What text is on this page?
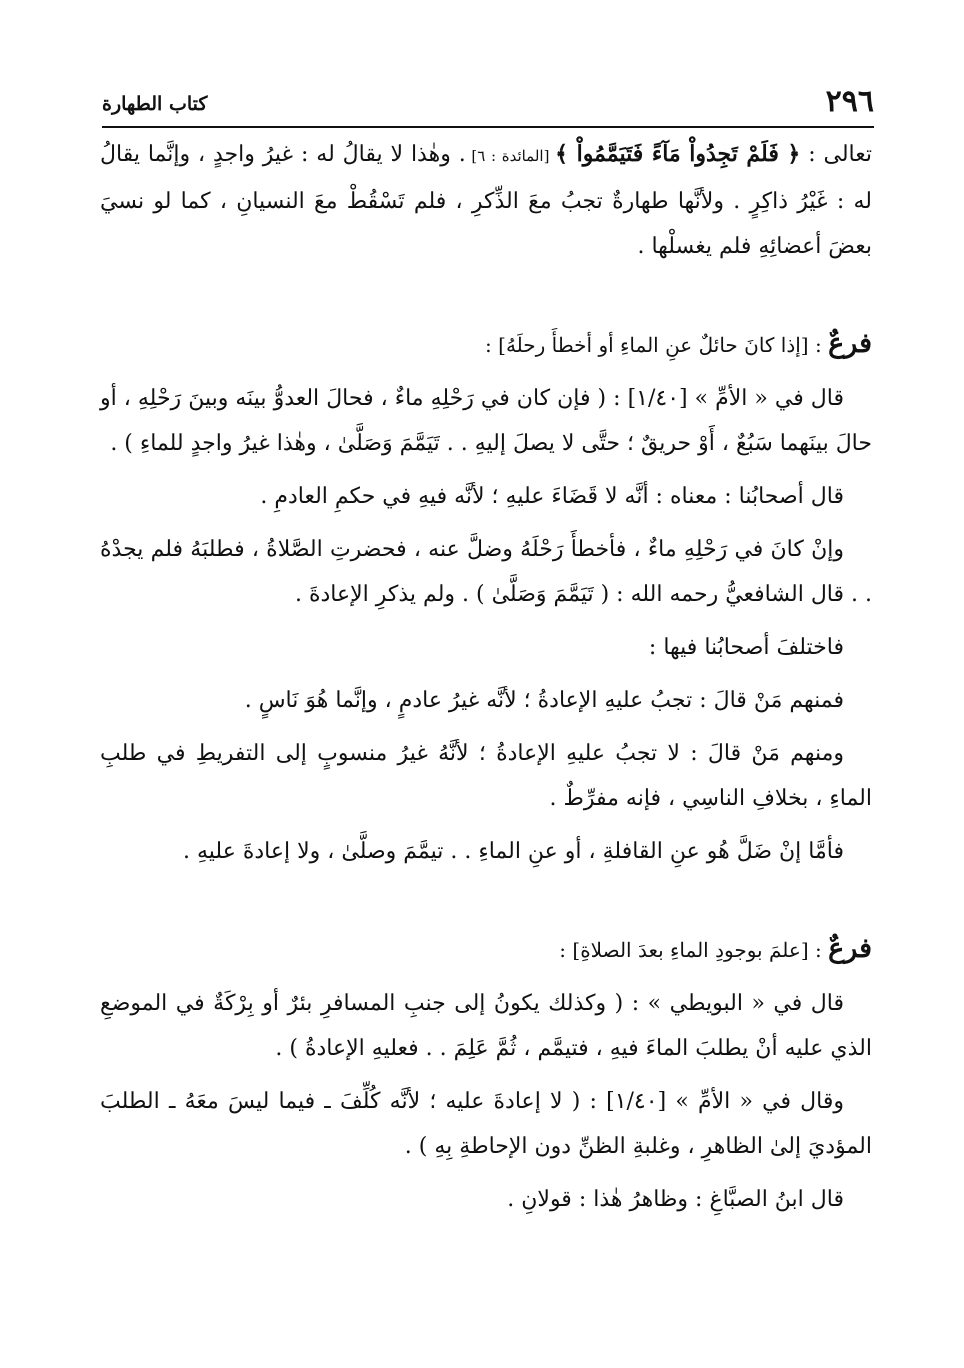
٢٩٦
كتاب الطهارة

تعالى : ﴿ فَلَمْ تَجِدُواْ مَآءً فَتَيَمَّمُواْ ﴾ [المائدة : ٦] . وهٰذا لا يقالُ له : غيرُ واجدٍ ، وإنَّما يقالُ له : غَيْرُ ذاكِرٍ . ولأنَّها طهارةٌ تجبُ معَ الذِّكرِ ، فلم تَسْقُطْ معَ النسيانِ ، كما لو نسيَ بعضَ أعضائِهِ فلم يغسلْها .

فرعٌ : [إذا كانَ حائلٌ عنِ الماءِ أو أخطأَ رحلَهُ] :

قال في « الأمِّ » [١/٤٠] : ( فإن كان في رَحْلِهِ ماءٌ ، فحالَ العدوُّ بينَه وبينَ رَحْلِهِ ، أو حالَ بينَهما سَبُعٌ ، أَوْ حريقٌ ؛ حتَّى لا يصلَ إليهِ . . تَيَمَّمَ وَصَلَّىٰ ، وهٰذا غيرُ واجدٍ للماءِ ) .

قال أصحابُنا : معناه : أنَّه لا قَضَاءَ عليهِ ؛ لأنَّه فيهِ في حكمِ العادمِ .

وإنْ كانَ في رَحْلِهِ ماءٌ ، فأخطأَ رَحْلَهُ وضلَّ عنه ، فحضرتِ الصَّلاةُ ، فطلبَهُ فلم يجدْهُ . . قال الشافعيُّ رحمه الله : ( تَيَمَّمَ وَصَلَّىٰ ) . ولم يذكرِ الإعادةَ .

فاختلفَ أصحابُنا فيها :

فمنهم مَنْ قالَ : تجبُ عليهِ الإعادةُ ؛ لأنَّه غيرُ عادمٍ ، وإنَّما هُوَ نَاسٍ .

ومنهم مَنْ قالَ : لا تجبُ عليهِ الإعادةُ ؛ لأنَّهُ غيرُ منسوبٍ إلى التفريطِ في طلبِ الماءِ ، بخلافِ الناسِي ، فإنه مفرِّطٌ .

فأمَّا إنْ ضَلَّ هُو عنِ القافلةِ ، أو عنِ الماءِ . . تيمَّمَ وصلَّىٰ ، ولا إعادةَ عليهِ .

فرعٌ : [علمَ بوجودِ الماءِ بعدَ الصلاةِ] :

قال في « البويطي » : ( وكذلك يكونُ إلى جنبِ المسافرِ بئرٌ أو بِرْكَةٌ في الموضعِ الذي عليه أنْ يطلبَ الماءَ فيهِ ، فتيمَّم ، ثُمَّ عَلِمَ . . فعليهِ الإعادةُ ) .

وقال في « الأمِّ » [١/٤٠] : ( لا إعادةَ عليه ؛ لأنَّه كُلِّفَ ـ فيما ليسَ معَهُ ـ الطلبَ المؤديَ إلىٰ الظاهرِ ، وغلبةِ الظنِّ دون الإحاطةِ بِهِ ) .

قال ابنُ الصبَّاغِ : وظاهرُ هٰذا : قولانِ .
